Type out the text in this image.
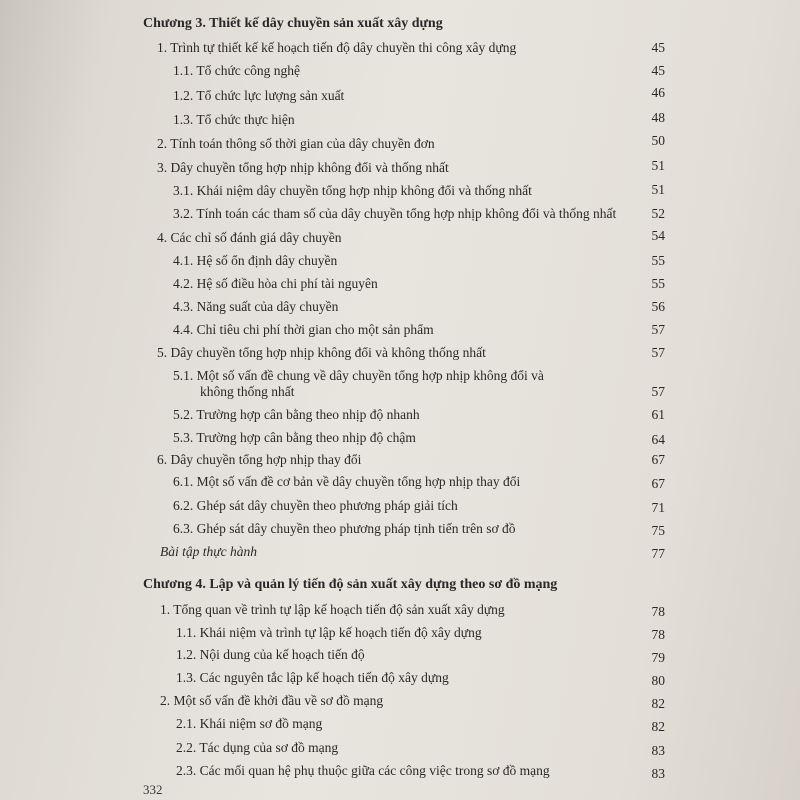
Chương 3. Thiết kế dây chuyền sản xuất xây dựng
1. Trình tự thiết kế kế hoạch tiến độ dây chuyền thi công xây dựng	45
1.1. Tổ chức công nghệ	45
1.2. Tổ chức lực lượng sản xuất	46
1.3. Tổ chức thực hiện	48
2. Tính toán thông số thời gian của dây chuyền đơn	50
3. Dây chuyền tổng hợp nhịp không đổi và thống nhất	51
3.1. Khái niệm dây chuyền tổng hợp nhịp không đổi và thống nhất	51
3.2. Tính toán các tham số của dây chuyền tổng hợp nhịp không đổi và thống nhất	52
4. Các chỉ số đánh giá dây chuyền	54
4.1. Hệ số ổn định dây chuyền	55
4.2. Hệ số điều hòa chi phí tài nguyên	55
4.3. Năng suất của dây chuyền	56
4.4. Chỉ tiêu chi phí thời gian cho một sản phẩm	57
5. Dây chuyền tổng hợp nhịp không đổi và không thống nhất	57
5.1. Một số vấn đề chung về dây chuyền tổng hợp nhịp không đổi và
không thống nhất	57
5.2. Trường hợp cân bằng theo nhịp độ nhanh	61
5.3. Trường hợp cân bằng theo nhịp độ chậm	64
6. Dây chuyền tổng hợp nhịp thay đổi	67
6.1. Một số vấn đề cơ bản về dây chuyền tổng hợp nhịp thay đổi	67
6.2. Ghép sát dây chuyền theo phương pháp giải tích	71
6.3. Ghép sát dây chuyền theo phương pháp tịnh tiến trên sơ đồ	75
Bài tập thực hành	77
Chương 4. Lập và quản lý tiến độ sản xuất xây dựng theo sơ đồ mạng
1. Tổng quan về trình tự lập kế hoạch tiến độ sản xuất xây dựng	78
1.1. Khái niệm và trình tự lập kế hoạch tiến độ xây dựng	78
1.2. Nội dung của kế hoạch tiến độ	79
1.3. Các nguyên tắc lập kế hoạch tiến độ xây dựng	80
2. Một số vấn đề khởi đầu về sơ đồ mạng	82
2.1. Khái niệm sơ đồ mạng	82
2.2. Tác dụng của sơ đồ mạng	83
2.3. Các mối quan hệ phụ thuộc giữa các công việc trong sơ đồ mạng	83
332
